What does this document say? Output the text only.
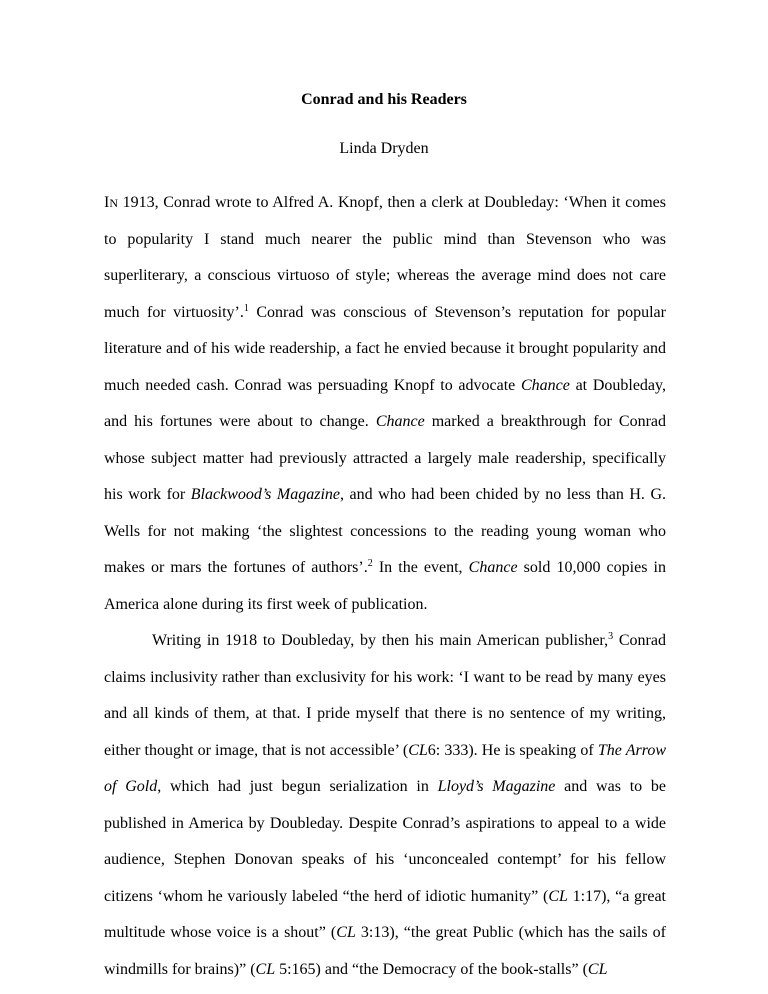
Conrad and his Readers
Linda Dryden

IN 1913, Conrad wrote to Alfred A. Knopf, then a clerk at Doubleday: ‘When it comes to popularity I stand much nearer the public mind than Stevenson who was superliterary, a conscious virtuoso of style; whereas the average mind does not care much for virtuosity’.$^1$ Conrad was conscious of Stevenson’s reputation for popular literature and of his wide readership, a fact he envied because it brought popularity and much needed cash. Conrad was persuading Knopf to advocate Chance at Doubleday, and his fortunes were about to change. Chance marked a breakthrough for Conrad whose subject matter had previously attracted a largely male readership, specifically his work for Blackwood’s Magazine, and who had been chided by no less than H. G. Wells for not making ‘the slightest concessions to the reading young woman who makes or mars the fortunes of authors’.$^2$ In the event, Chance sold 10,000 copies in America alone during its first week of publication.

Writing in 1918 to Doubleday, by then his main American publisher,$^3$ Conrad claims inclusivity rather than exclusivity for his work: ‘I want to be read by many eyes and all kinds of them, at that. I pride myself that there is no sentence of my writing, either thought or image, that is not accessible’ (CL6: 333). He is speaking of The Arrow of Gold, which had just begun serialization in Lloyd’s Magazine and was to be published in America by Doubleday. Despite Conrad’s aspirations to appeal to a wide audience, Stephen Donovan speaks of his ‘unconcealed contempt’ for his fellow citizens ‘whom he variously labeled “the herd of idiotic humanity” (CL 1:17), “a great multitude whose voice is a shout” (CL 3:13), “the great Public (which has the sails of windmills for brains)” (CL 5:165) and “the Democracy of the book-stalls” (CL
